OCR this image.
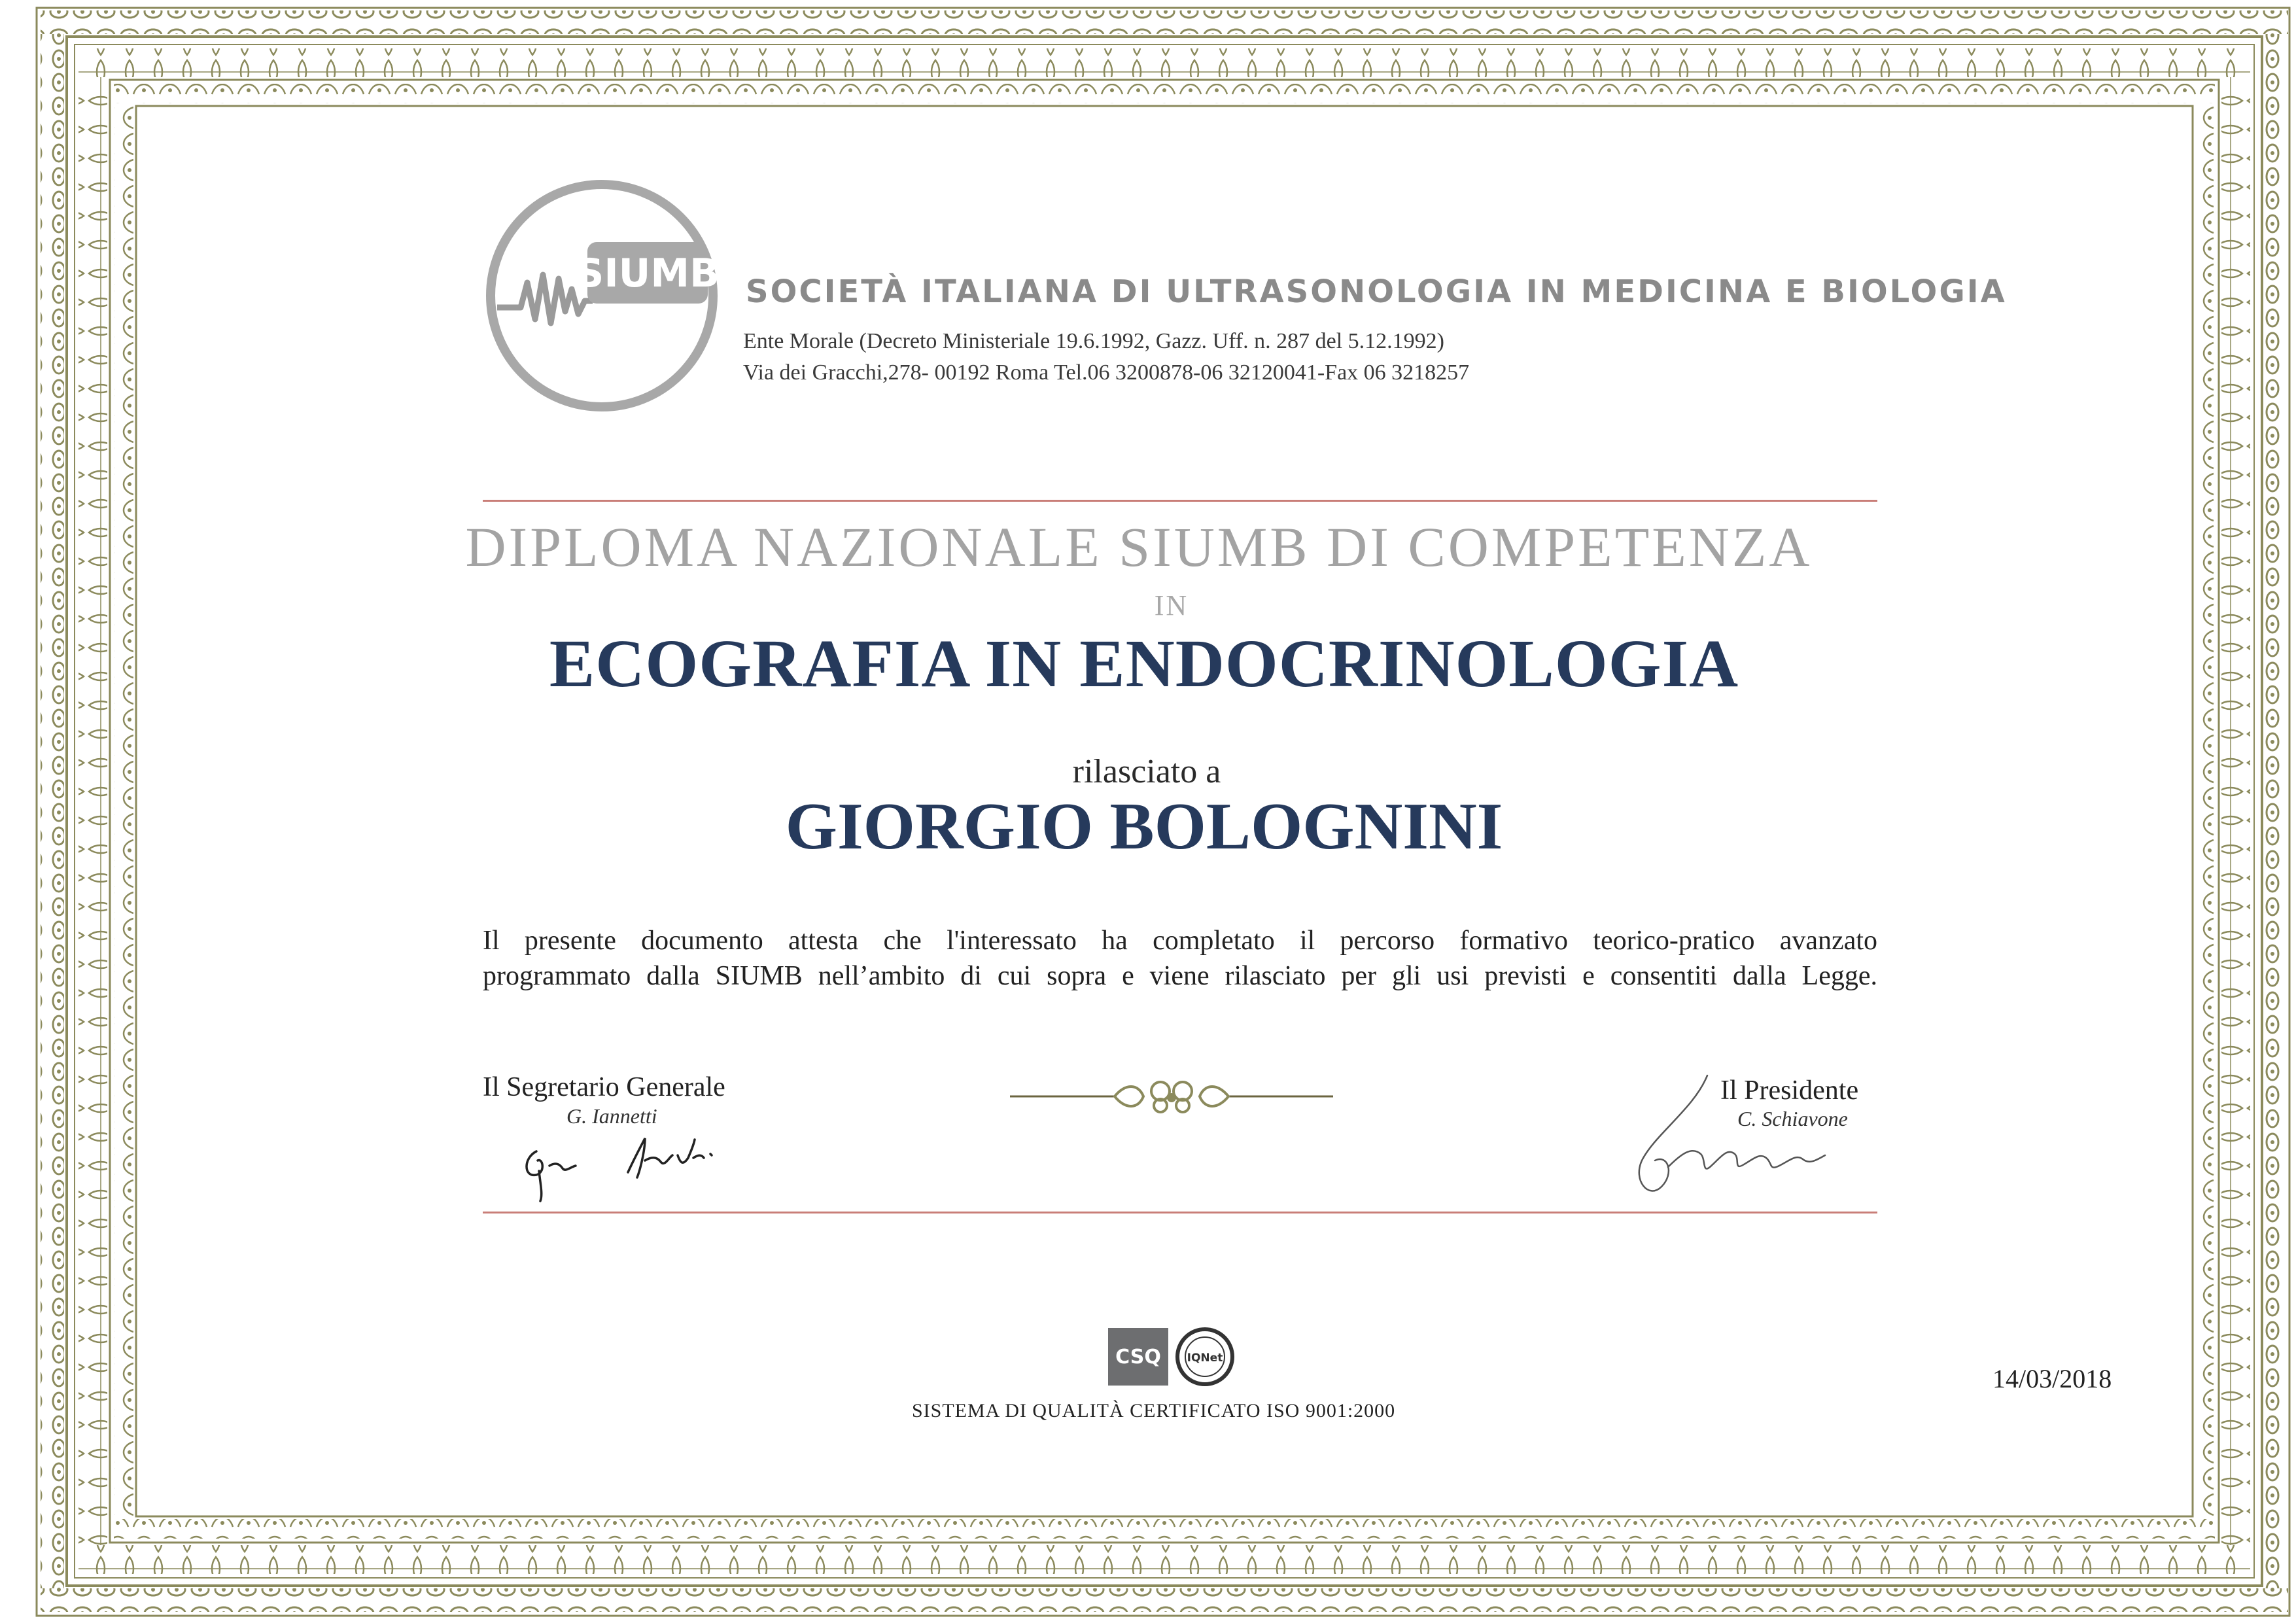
SIUMB SOCIETÀ ITALIANA DI ULTRASONOLOGIA IN MEDICINA E BIOLOGIA
Ente Morale (Decreto Ministeriale 19.6.1992, Gazz. Uff. n. 287 del 5.12.1992)
Via dei Gracchi,278- 00192 Roma Tel.06 3200878-06 32120041-Fax 06 3218257
DIPLOMA NAZIONALE SIUMB DI COMPETENZA
IN
ECOGRAFIA IN ENDOCRINOLOGIA
rilasciato a
GIORGIO BOLOGNINI
Il presente documento attesta che l'interessato ha completato il percorso formativo teorico-pratico avanzato
programmato dalla SIUMB nell’ambito di cui sopra e viene rilasciato per gli usi previsti e consentiti dalla Legge.
Il Segretario Generale
G. Iannetti
Il Presidente
C. Schiavone
CSQ IQNet
SISTEMA DI QUALITÀ CERTIFICATO ISO 9001:2000
14/03/2018
